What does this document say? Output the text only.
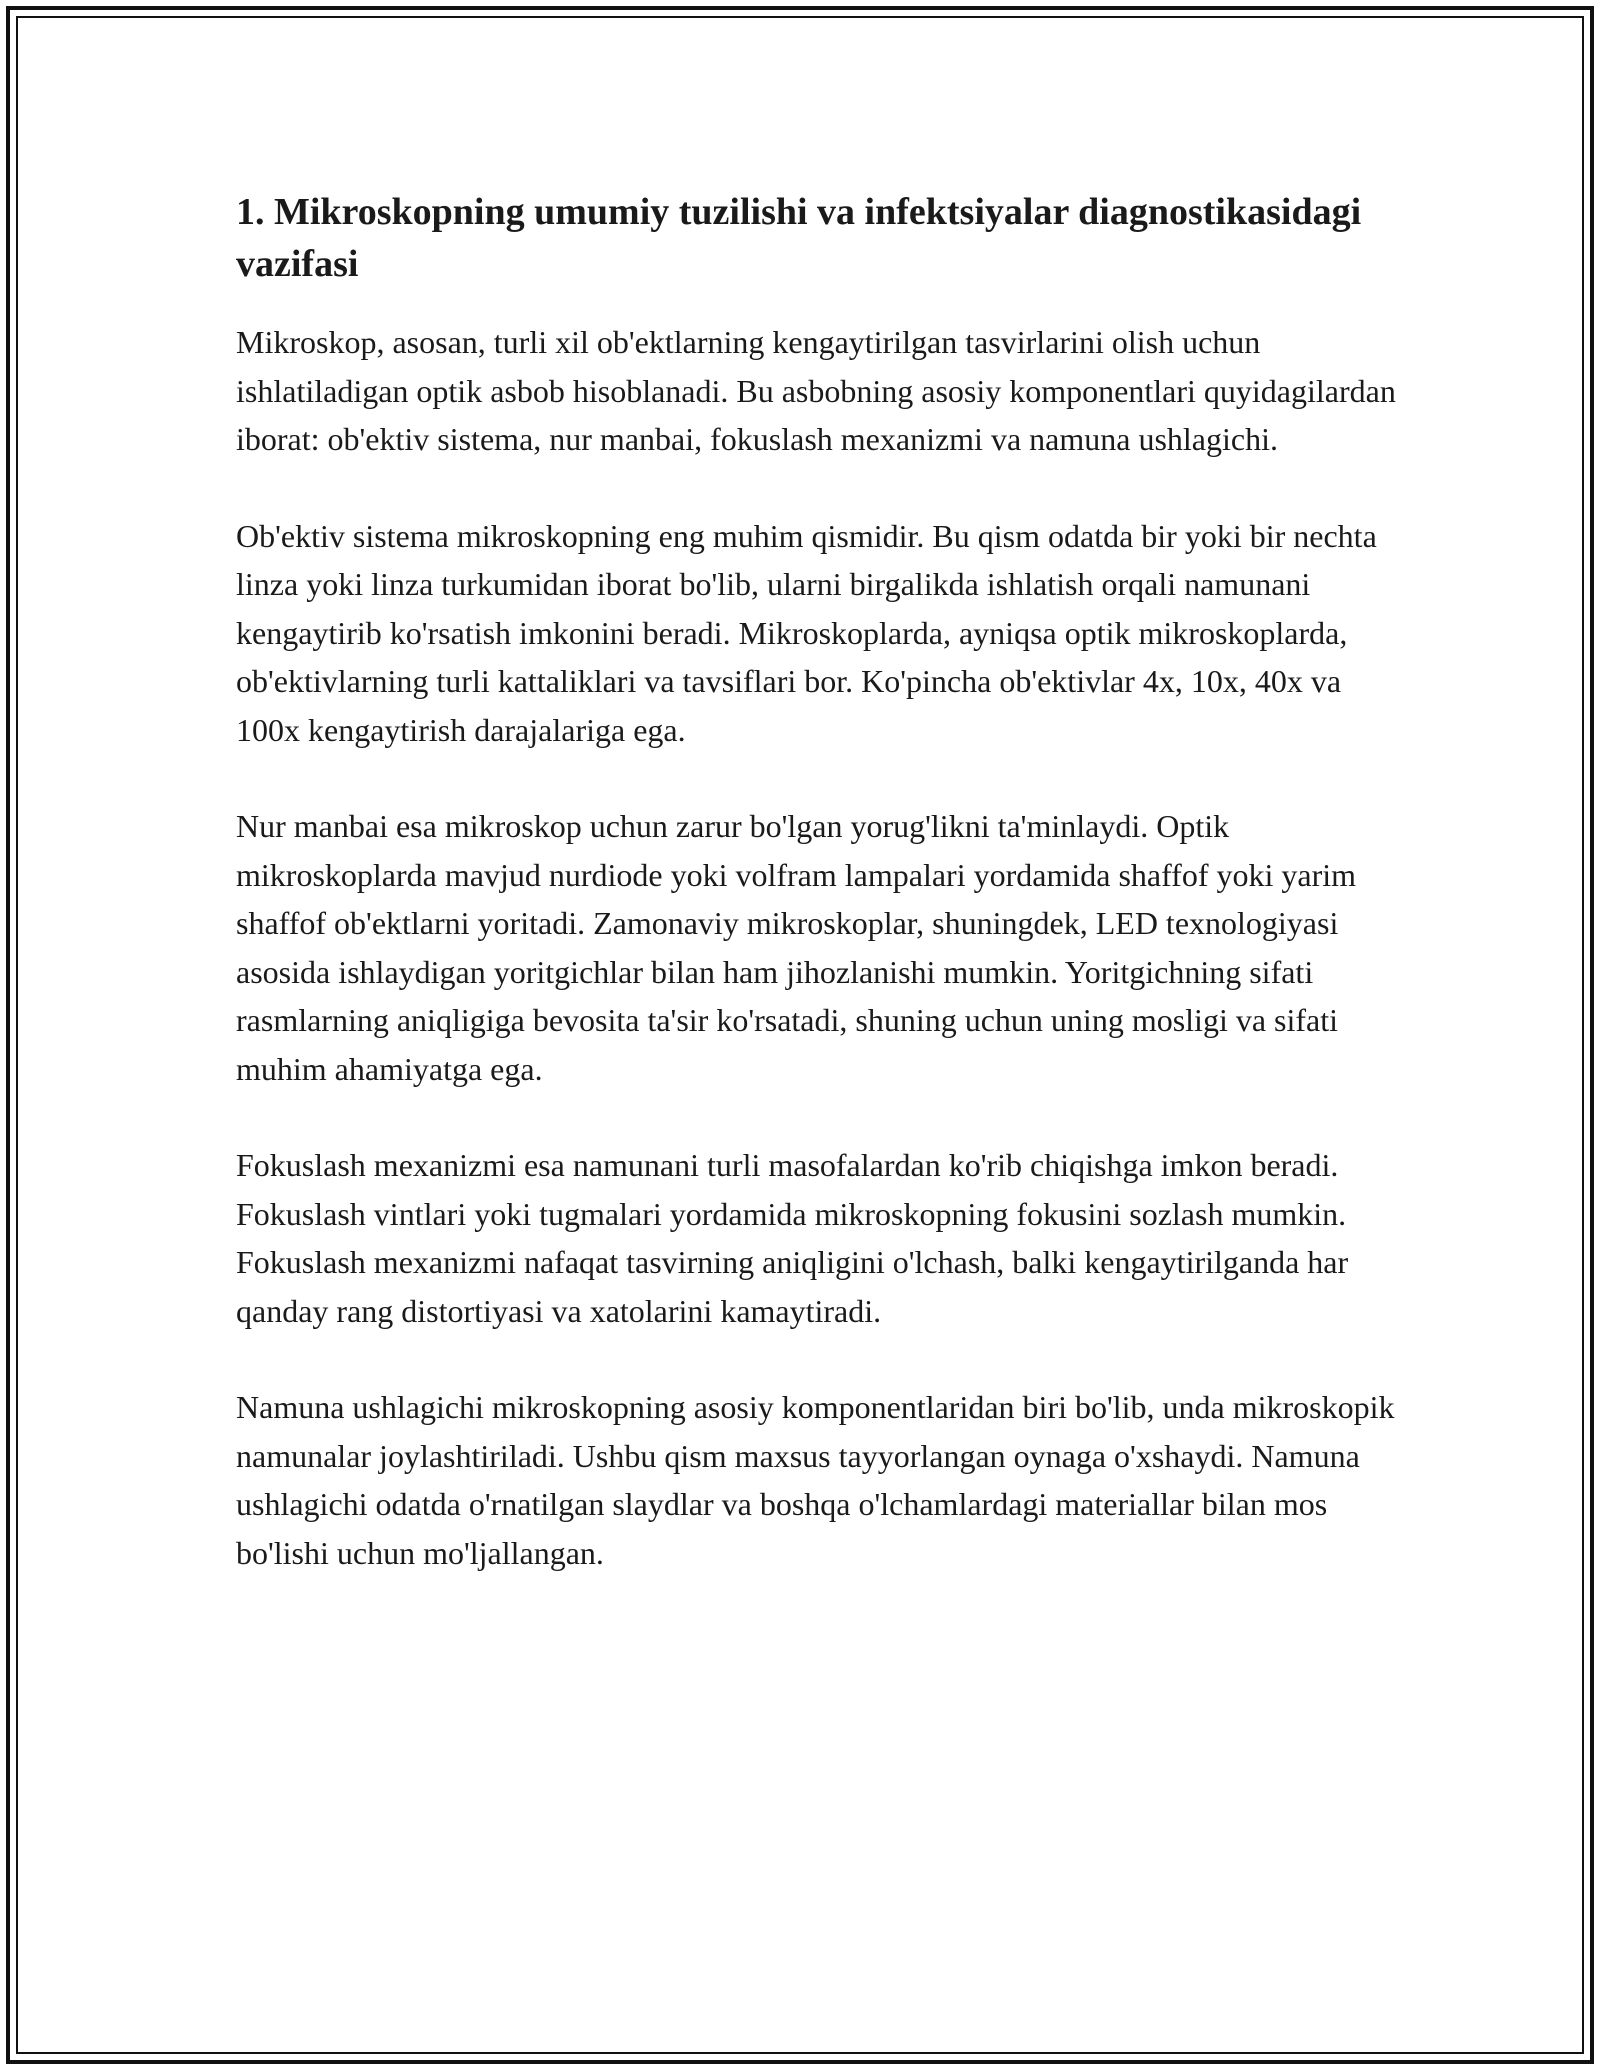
1. Mikroskopning umumiy tuzilishi va infektsiyalar diagnostikasidagi vazifasi

Mikroskop, asosan, turli xil ob'ektlarning kengaytirilgan tasvirlarini olish uchun ishlatiladigan optik asbob hisoblanadi. Bu asbobning asosiy komponentlari quyidagilardan iborat: ob'ektiv sistema, nur manbai, fokuslash mexanizmi va namuna ushlagichi.

Ob'ektiv sistema mikroskopning eng muhim qismidir. Bu qism odatda bir yoki bir nechta linza yoki linza turkumidan iborat bo'lib, ularni birgalikda ishlatish orqali namunani kengaytirib ko'rsatish imkonini beradi. Mikroskoplarda, ayniqsa optik mikroskoplarda, ob'ektivlarning turli kattaliklari va tavsiflari bor. Ko'pincha ob'ektivlar 4x, 10x, 40x va 100x kengaytirish darajalariga ega.

Nur manbai esa mikroskop uchun zarur bo'lgan yorug'likni ta'minlaydi. Optik mikroskoplarda mavjud nurdiode yoki volfram lampalari yordamida shaffof yoki yarim shaffof ob'ektlarni yoritadi. Zamonaviy mikroskoplar, shuningdek, LED texnologiyasi asosida ishlaydigan yoritgichlar bilan ham jihozlanishi mumkin. Yoritgichning sifati rasmlarning aniqligiga bevosita ta'sir ko'rsatadi, shuning uchun uning mosligi va sifati muhim ahamiyatga ega.

Fokuslash mexanizmi esa namunani turli masofalardan ko'rib chiqishga imkon beradi. Fokuslash vintlari yoki tugmalari yordamida mikroskopning fokusini sozlash mumkin. Fokuslash mexanizmi nafaqat tasvirning aniqligini o'lchash, balki kengaytirilganda har qanday rang distortiyasi va xatolarini kamaytiradi.

Namuna ushlagichi mikroskopning asosiy komponentlaridan biri bo'lib, unda mikroskopik namunalar joylashtiriladi. Ushbu qism maxsus tayyorlangan oynaga o'xshaydi. Namuna ushlagichi odatda o'rnatilgan slaydlar va boshqa o'lchamlardagi materiallar bilan mos bo'lishi uchun mo'ljallangan.
